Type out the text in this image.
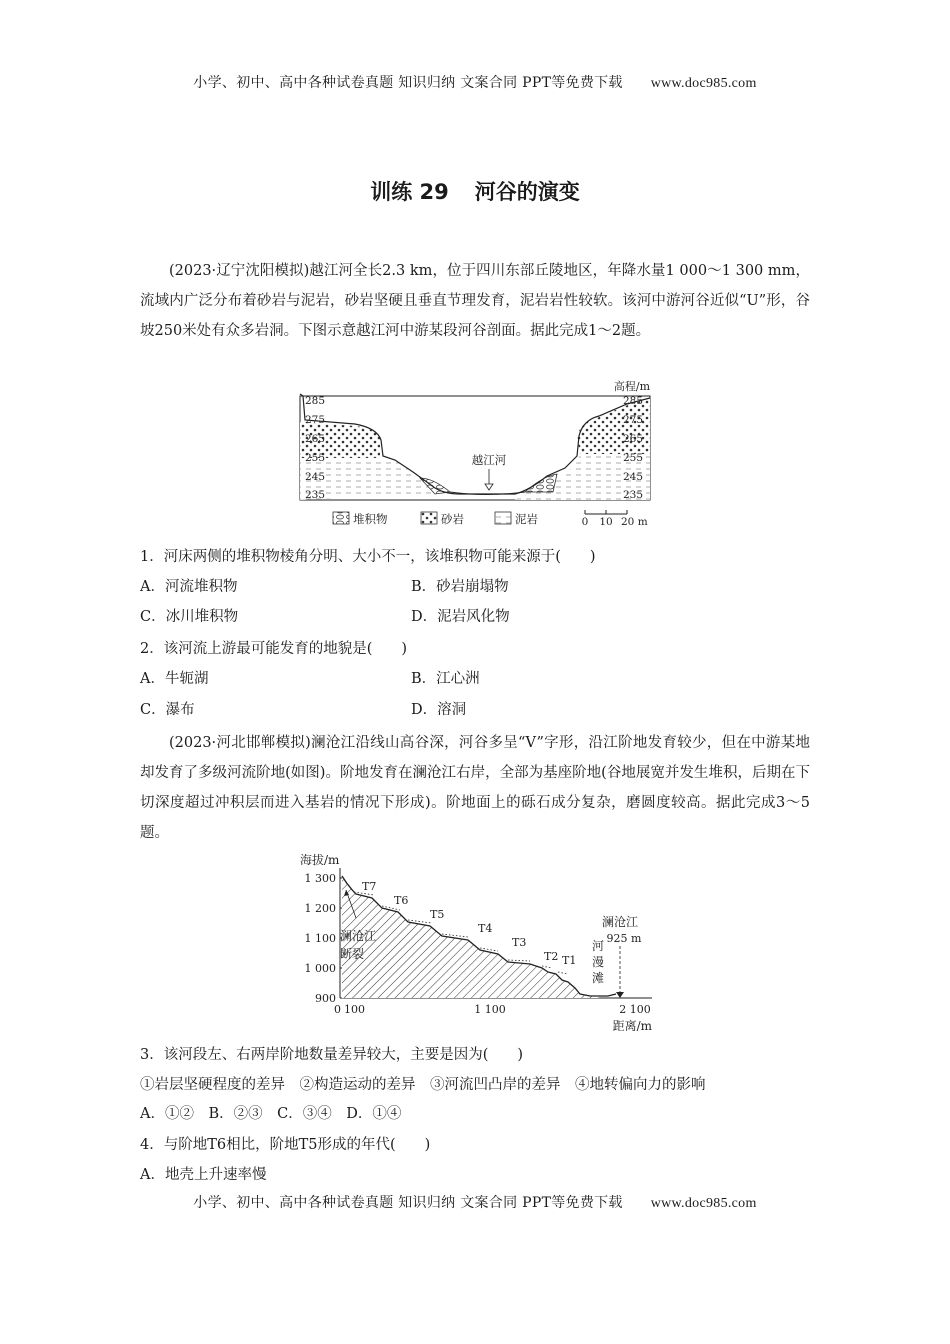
小学、初中、高中各种试卷真题 知识归纳 文案合同 PPT等免费下载 www.doc985.com
训练 29 河谷的演变
(2023·辽宁沈阳模拟)越江河全长2.3 km，位于四川东部丘陵地区，年降水量1 000～1 300 mm，流域内广泛分布着砂岩与泥岩，砂岩坚硬且垂直节理发育，泥岩岩性较软。该河中游河谷近似“U”形，谷坡250米处有众多岩洞。下图示意越江河中游某段河谷剖面。据此完成1～2题。
285
275
265
255
245
235
285
275
265
255
245
235
高程/m
越江河
堆积物	砂岩	泥岩	0 10 20 m
1．河床两侧的堆积物棱角分明、大小不一，该堆积物可能来源于(　　)
A．河流堆积物	B．砂岩崩塌物
C．冰川堆积物	D．泥岩风化物
2．该河流上游最可能发育的地貌是(　　)
A．牛轭湖	B．江心洲
C．瀑布	D．溶洞
(2023·河北邯郸模拟)澜沧江沿线山高谷深，河谷多呈“V”字形，沿江阶地发育较少，但在中游某地却发育了多级河流阶地(如图)。阶地发育在澜沧江右岸，全部为基座阶地(谷地展宽并发生堆积，后期在下切深度超过冲积层而进入基岩的情况下形成)。阶地面上的砾石成分复杂，磨圆度较高。据此完成3～5题。
海拔/m
1 300
1 200
1 100
1 000
900
0 100	1 100	2 100
距离/m
T7
T6
T5
T4
T3
T2 T1
澜沧江
断裂
澜沧江
925 m
河
漫
滩
3．该河段左、右两岸阶地数量差异较大，主要是因为(　　)
①岩层坚硬程度的差异　②构造运动的差异　③河流凹凸岸的差异　④地转偏向力的影响
A．①②　B．②③　C．③④　D．①④
4．与阶地T6相比，阶地T5形成的年代(　　)
A．地壳上升速率慢
小学、初中、高中各种试卷真题 知识归纳 文案合同 PPT等免费下载 www.doc985.com
